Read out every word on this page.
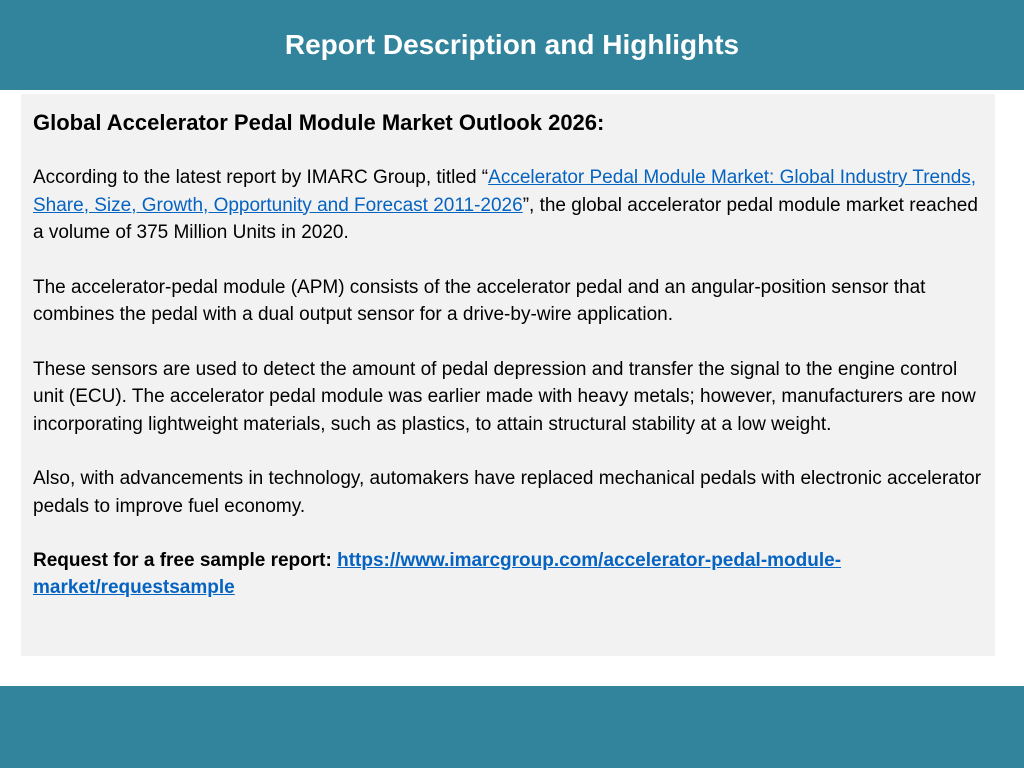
Report Description and Highlights
Global Accelerator Pedal Module Market Outlook 2026:

According to the latest report by IMARC Group, titled “Accelerator Pedal Module Market: Global Industry Trends, Share, Size, Growth, Opportunity and Forecast 2011-2026”, the global accelerator pedal module market reached a volume of 375 Million Units in 2020.

The accelerator-pedal module (APM) consists of the accelerator pedal and an angular-position sensor that combines the pedal with a dual output sensor for a drive-by-wire application.

These sensors are used to detect the amount of pedal depression and transfer the signal to the engine control unit (ECU). The accelerator pedal module was earlier made with heavy metals; however, manufacturers are now incorporating lightweight materials, such as plastics, to attain structural stability at a low weight.

Also, with advancements in technology, automakers have replaced mechanical pedals with electronic accelerator pedals to improve fuel economy.

Request for a free sample report: https://www.imarcgroup.com/accelerator-pedal-module-market/requestsample
